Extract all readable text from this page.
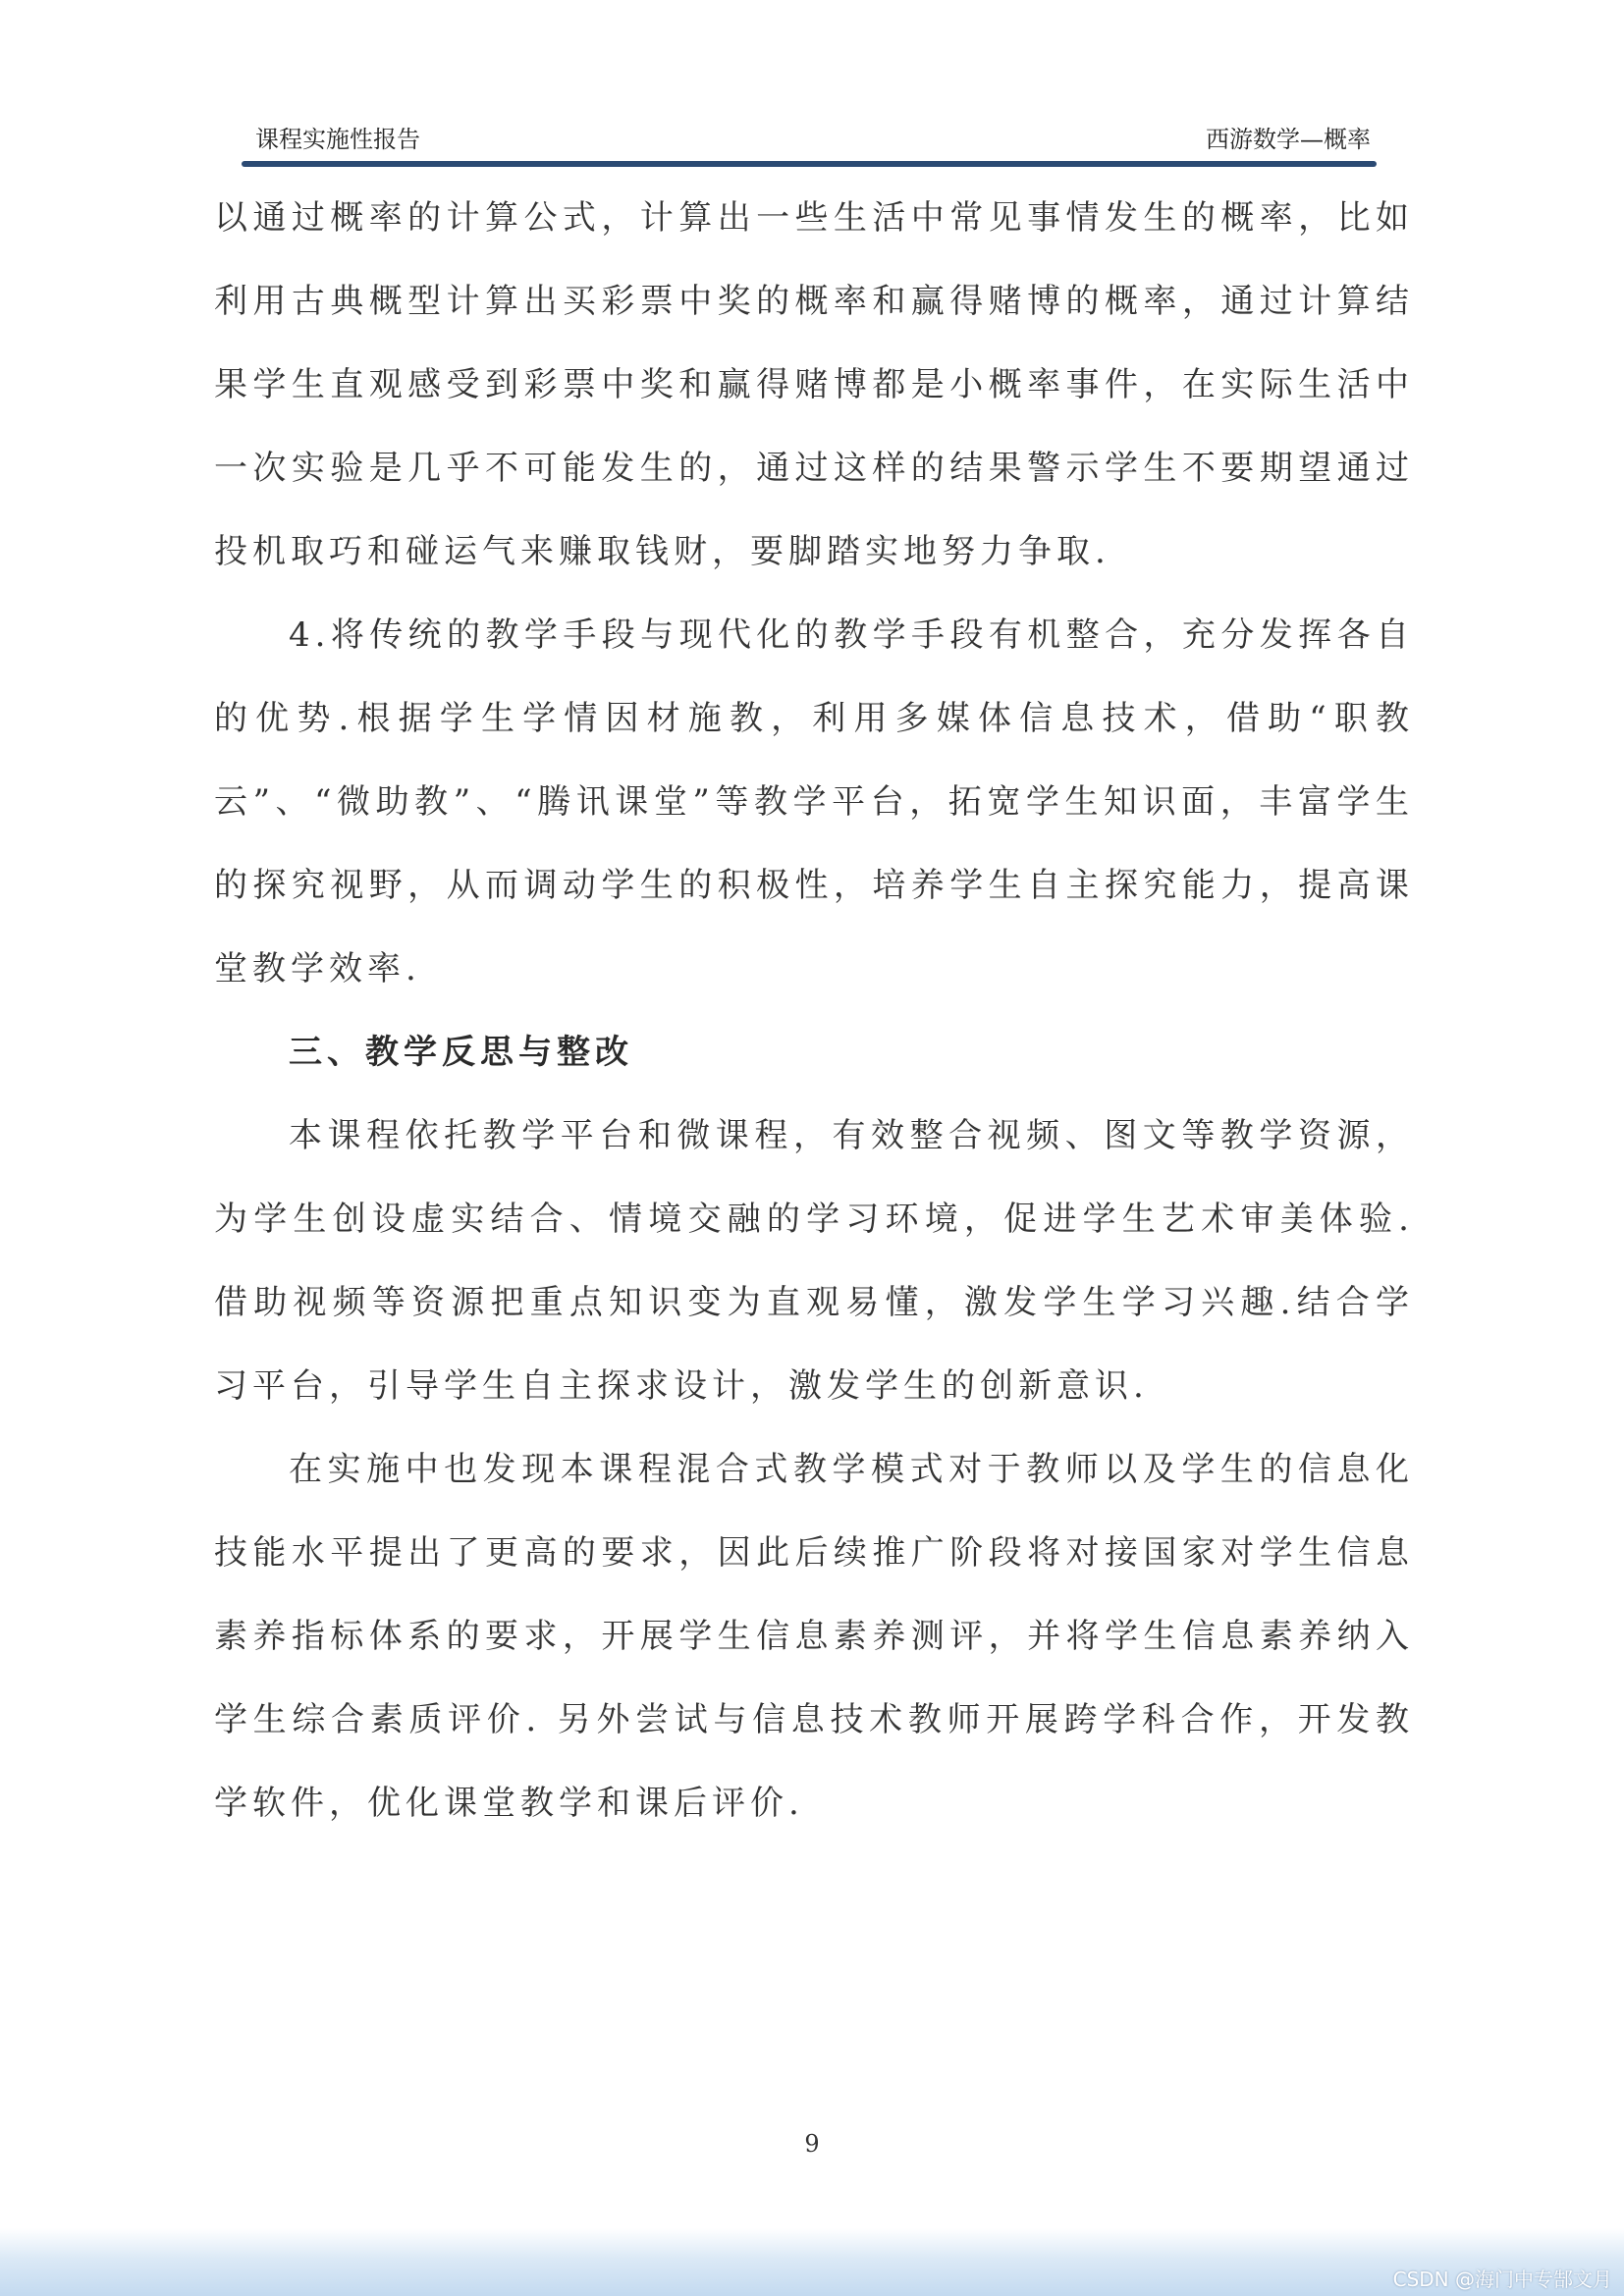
课程实施性报告	西游数学—概率

以通过概率的计算公式，计算出一些生活中常见事情发生的概率，比如利用古典概型计算出买彩票中奖的概率和赢得赌博的概率，通过计算结果学生直观感受到彩票中奖和赢得赌博都是小概率事件，在实际生活中一次实验是几乎不可能发生的，通过这样的结果警示学生不要期望通过投机取巧和碰运气来赚取钱财，要脚踏实地努力争取.

4.将传统的教学手段与现代化的教学手段有机整合，充分发挥各自的优势.根据学生学情因材施教，利用多媒体信息技术，借助“职教云”、“微助教”、“腾讯课堂”等教学平台，拓宽学生知识面，丰富学生的探究视野，从而调动学生的积极性，培养学生自主探究能力，提高课堂教学效率.

三、教学反思与整改

本课程依托教学平台和微课程，有效整合视频、图文等教学资源，为学生创设虚实结合、情境交融的学习环境，促进学生艺术审美体验.借助视频等资源把重点知识变为直观易懂，激发学生学习兴趣.结合学习平台，引导学生自主探求设计，激发学生的创新意识.

在实施中也发现本课程混合式教学模式对于教师以及学生的信息化技能水平提出了更高的要求，因此后续推广阶段将对接国家对学生信息素养指标体系的要求，开展学生信息素养测评，并将学生信息素养纳入学生综合素质评价. 另外尝试与信息技术教师开展跨学科合作，开发教学软件，优化课堂教学和课后评价.

9
CSDN @海门中专郜文月
